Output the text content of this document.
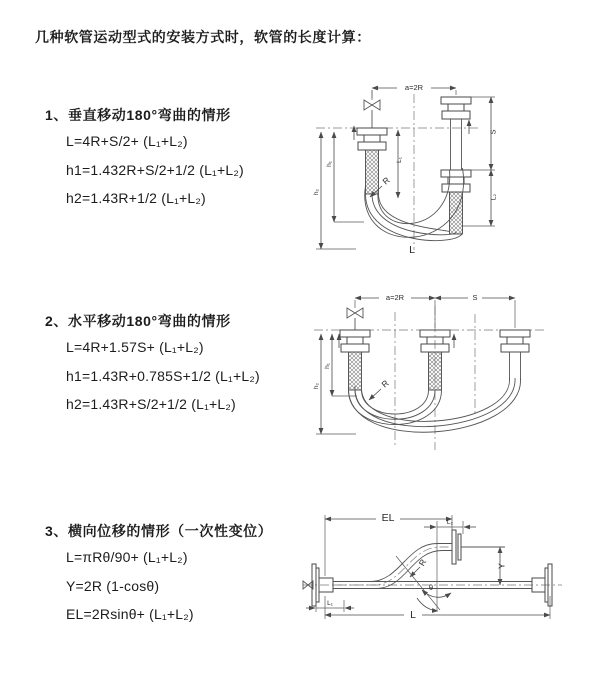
几种软管运动型式的安装方式时，软管的长度计算：
1、垂直移动180°弯曲的情形
L=4R+S/2+ (L₁+L₂)
h1=1.432R+S/2+1/2 (L₁+L₂)
h2=1.43R+1/2 (L₁+L₂)
2、水平移动180°弯曲的情形
L=4R+1.57S+ (L₁+L₂)
h1=1.43R+0.785S+1/2 (L₁+L₂)
h2=1.43R+S/2+1/2 (L₁+L₂)
3、横向位移的情形（一次性变位）
L=πRθ/90+ (L₁+L₂)
Y=2R (1-cosθ)
EL=2Rsinθ+ (L₁+L₂)
a=2R
L₁
S
L₂
h₂
h₁
R
L
a=2R	S
h₂
h₁
R
EL	L₂
Y
R
θ
L₁
L
